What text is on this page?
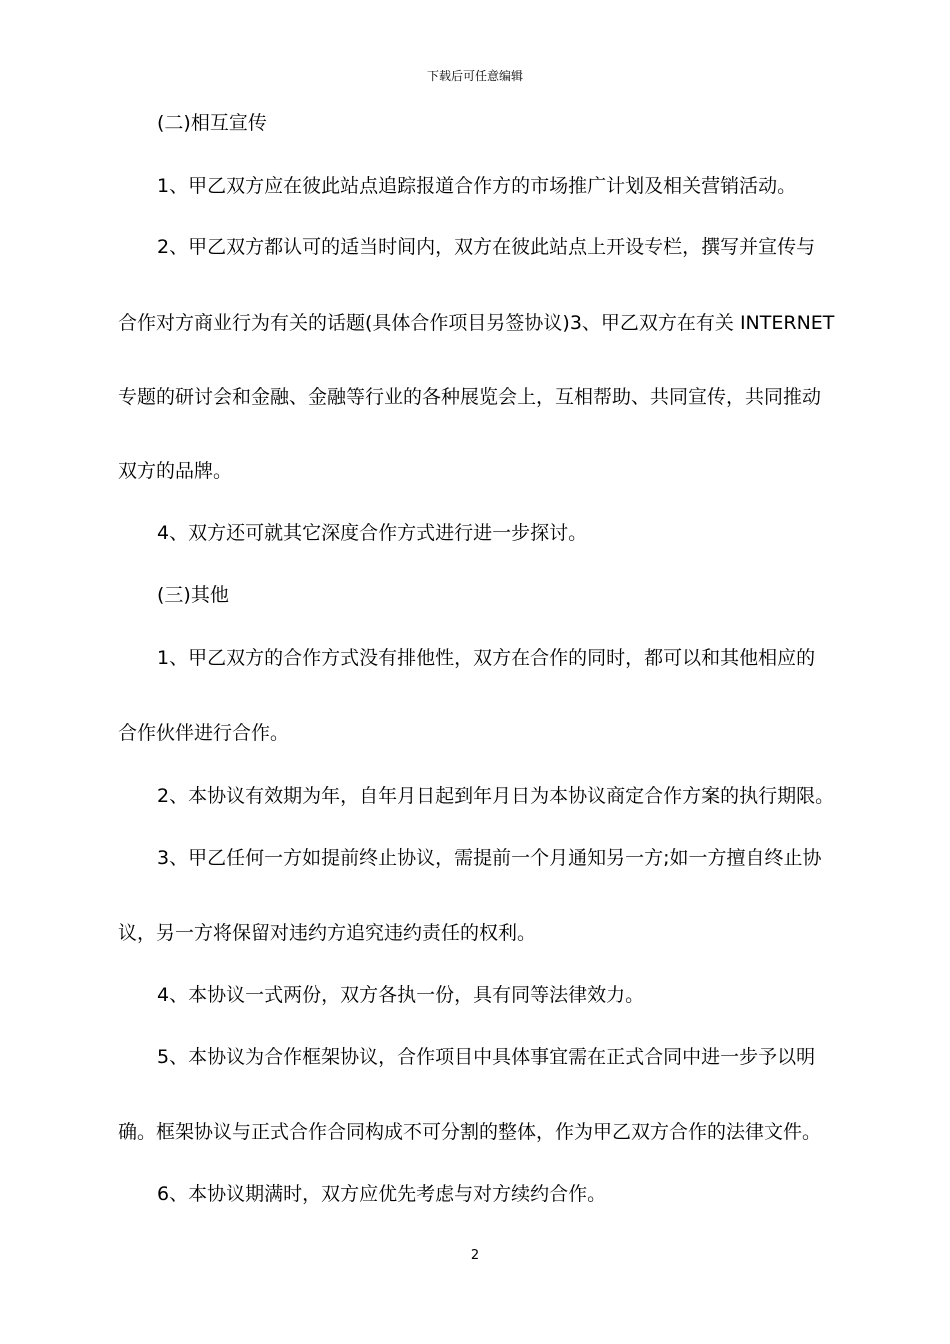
下载后可任意编辑
(二)相互宣传
1、甲乙双方应在彼此站点追踪报道合作方的市场推广计划及相关营销活动。
2、甲乙双方都认可的适当时间内，双方在彼此站点上开设专栏，撰写并宣传与
合作对方商业行为有关的话题(具体合作项目另签协议)3、甲乙双方在有关 INTERNET
专题的研讨会和金融、金融等行业的各种展览会上，互相帮助、共同宣传，共同推动
双方的品牌。
4、双方还可就其它深度合作方式进行进一步探讨。
(三)其他
1、甲乙双方的合作方式没有排他性，双方在合作的同时，都可以和其他相应的
合作伙伴进行合作。
2、本协议有效期为年，自年月日起到年月日为本协议商定合作方案的执行期限。
3、甲乙任何一方如提前终止协议，需提前一个月通知另一方;如一方擅自终止协
议，另一方将保留对违约方追究违约责任的权利。
4、本协议一式两份，双方各执一份，具有同等法律效力。
5、本协议为合作框架协议，合作项目中具体事宜需在正式合同中进一步予以明
确。框架协议与正式合作合同构成不可分割的整体，作为甲乙双方合作的法律文件。
6、本协议期满时，双方应优先考虑与对方续约合作。
2
